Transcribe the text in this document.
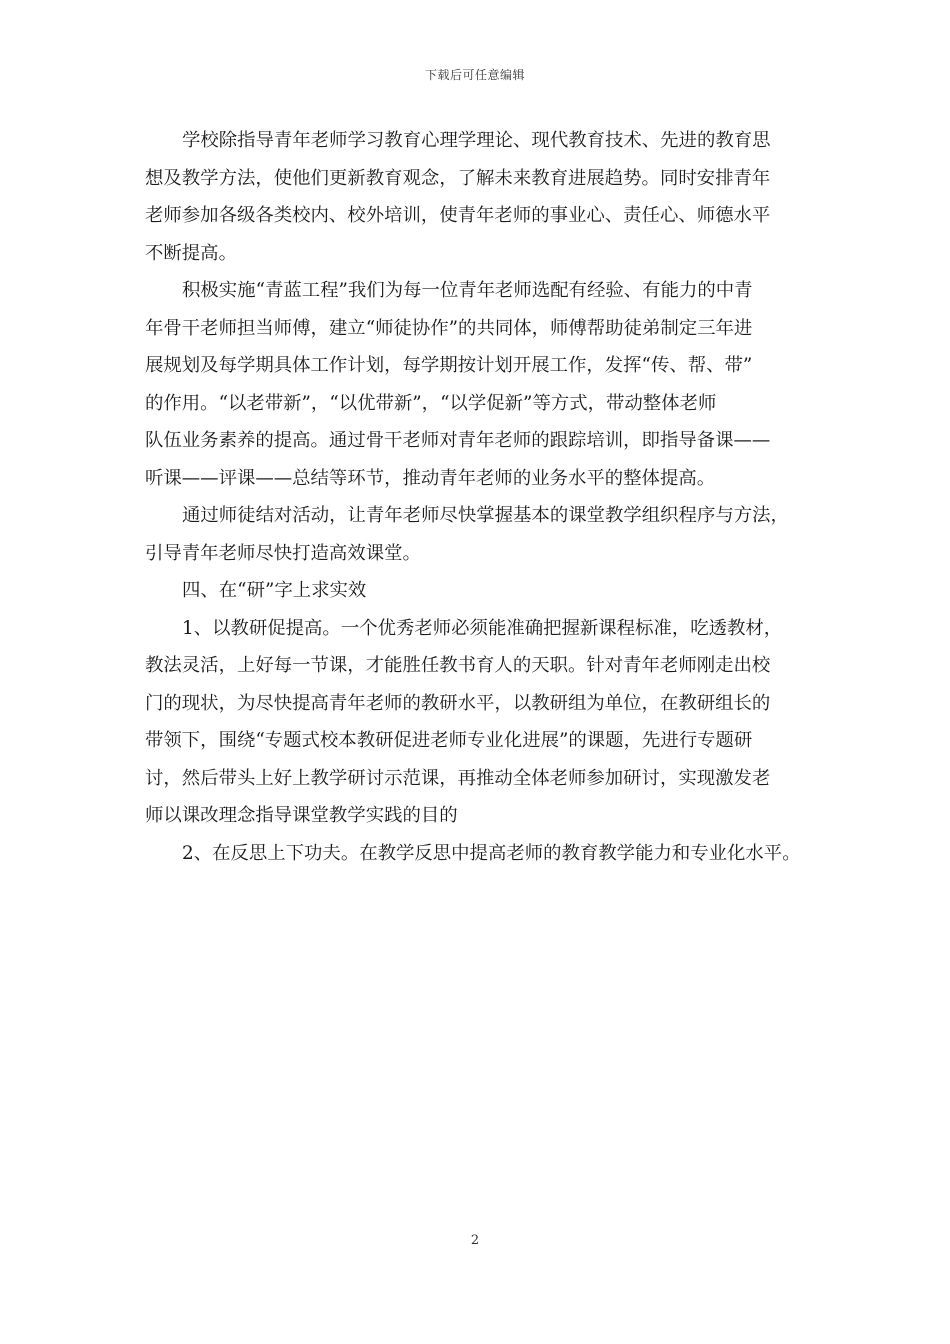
下载后可任意编辑

学校除指导青年老师学习教育心理学理论、现代教育技术、先进的教育思
想及教学方法，使他们更新教育观念，了解未来教育进展趋势。同时安排青年
老师参加各级各类校内、校外培训，使青年老师的事业心、责任心、师德水平
不断提高。

积极实施“青蓝工程”我们为每一位青年老师选配有经验、有能力的中青
年骨干老师担当师傅，建立“师徒协作”的共同体，师傅帮助徒弟制定三年进
展规划及每学期具体工作计划，每学期按计划开展工作，发挥“传、帮、带”
的作用。“以老带新”，“以优带新”，“以学促新”等方式，带动整体老师
队伍业务素养的提高。通过骨干老师对青年老师的跟踪培训，即指导备课——
听课——评课——总结等环节，推动青年老师的业务水平的整体提高。

通过师徒结对活动，让青年老师尽快掌握基本的课堂教学组织程序与方法，
引导青年老师尽快打造高效课堂。

四、在“研”字上求实效

1、以教研促提高。一个优秀老师必须能准确把握新课程标准，吃透教材，
教法灵活，上好每一节课，才能胜任教书育人的天职。针对青年老师刚走出校
门的现状，为尽快提高青年老师的教研水平，以教研组为单位，在教研组长的
带领下，围绕“专题式校本教研促进老师专业化进展”的课题，先进行专题研
讨，然后带头上好上教学研讨示范课，再推动全体老师参加研讨，实现激发老
师以课改理念指导课堂教学实践的目的

2、在反思上下功夫。在教学反思中提高老师的教育教学能力和专业化水平。

2
